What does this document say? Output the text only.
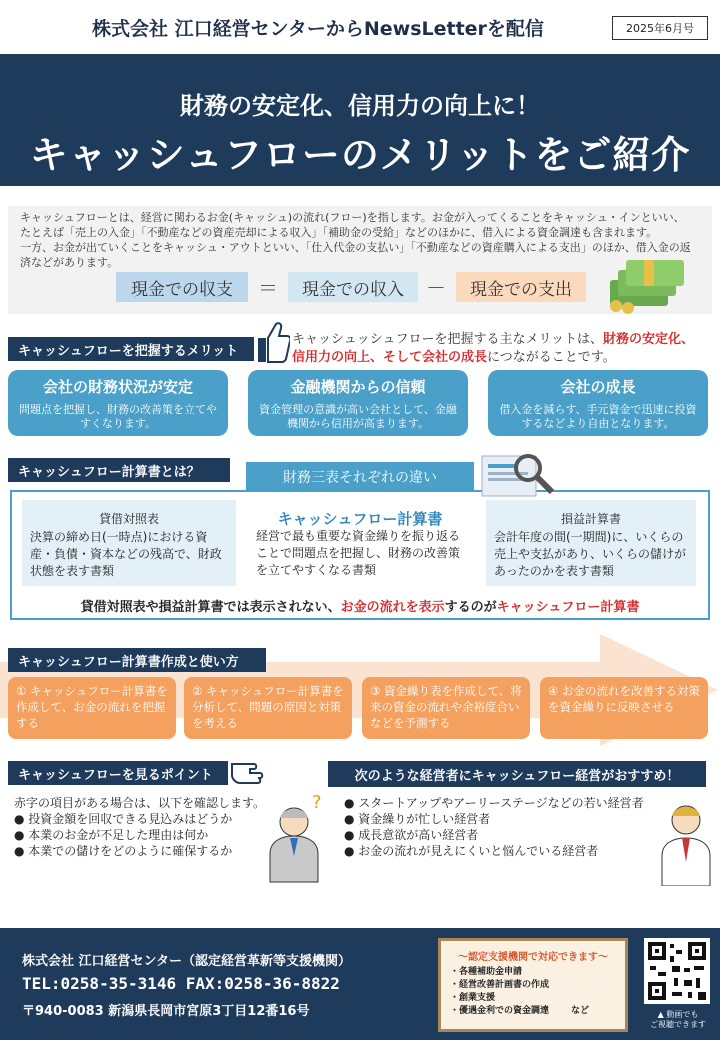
株式会社 江口経営センターからNewsLetterを配信	2025年6月号
財務の安定化、信用力の向上に！
キャッシュフローのメリットをご紹介
キャッシュフローとは、経営に関わるお金(キャッシュ)の流れ(フロー)を指します。お金が入ってくることをキャッシュ・インといい、
たとえば「売上の入金」「不動産などの資産売却による収入」「補助金の受給」などのほかに、借入による資金調達も含まれます。
一方、お金が出ていくことをキャッシュ・アウトといい、「仕入代金の支払い」「不動産などの資産購入による支出」のほか、借入金の返
済などがあります。
現金での収支	＝	現金での収入	－	現金での支出
キャッシュフローを把握するメリット
キャッシュッシュフローを把握する主なメリットは、財務の安定化、
信用力の向上、そして会社の成長につながることです。
会社の財務状況が安定
問題点を把握し、財務の改善策を立てやすくなります。
金融機関からの信頼
資金管理の意識が高い会社として、金融機関から信用が高まります。
会社の成長
借入金を減らす、手元資金で迅速に投資するなどより自由となります。
キャッシュフロー計算書とは？	財務三表それぞれの違い
貸借対照表
決算の締め日(一時点)における資産・負債・資本などの残高で、財政状態を表す書類
キャッシュフロー計算書
経営で最も重要な資金繰りを振り返ることで問題点を把握し、財務の改善策を立てやすくなる書類
損益計算書
会計年度の間(一期間)に、いくらの売上や支払があり、いくらの儲けがあったのかを表す書類
貸借対照表や損益計算書では表示されない、お金の流れを表示するのがキャッシュフロー計算書
キャッシュフロー計算書作成と使い方
① キャッシュフロー計算書を作成して、お金の流れを把握する
② キャッシュフロー計算書を分析して、問題の原因と対策を考える
③ 資金繰り表を作成して、将来の資金の流れや余裕度合いなどを予測する
④ お金の流れを改善する対策を資金繰りに反映させる
キャッシュフローを見るポイント
赤字の項目がある場合は、以下を確認します。
● 投資金額を回収できる見込みはどうか
● 本業のお金が不足した理由は何か
● 本業での儲けをどのように確保するか
?
次のような経営者にキャッシュフロー経営がおすすめ！
● スタートアップやアーリーステージなどの若い経営者
● 資金繰りが忙しい経営者
● 成長意欲が高い経営者
● お金の流れが見えにくいと悩んでいる経営者
株式会社 江口経営センター（認定経営革新等支援機関）
TEL:0258-35-3146 FAX:0258-36-8822
〒940-0083 新潟県長岡市宮原3丁目12番16号
～認定支援機関で対応できます～
・各種補助金申請
・経営改善計画書の作成
・創業支援
・優遇金利での資金調達 など	▲ 動画でも
ご視聴できます
